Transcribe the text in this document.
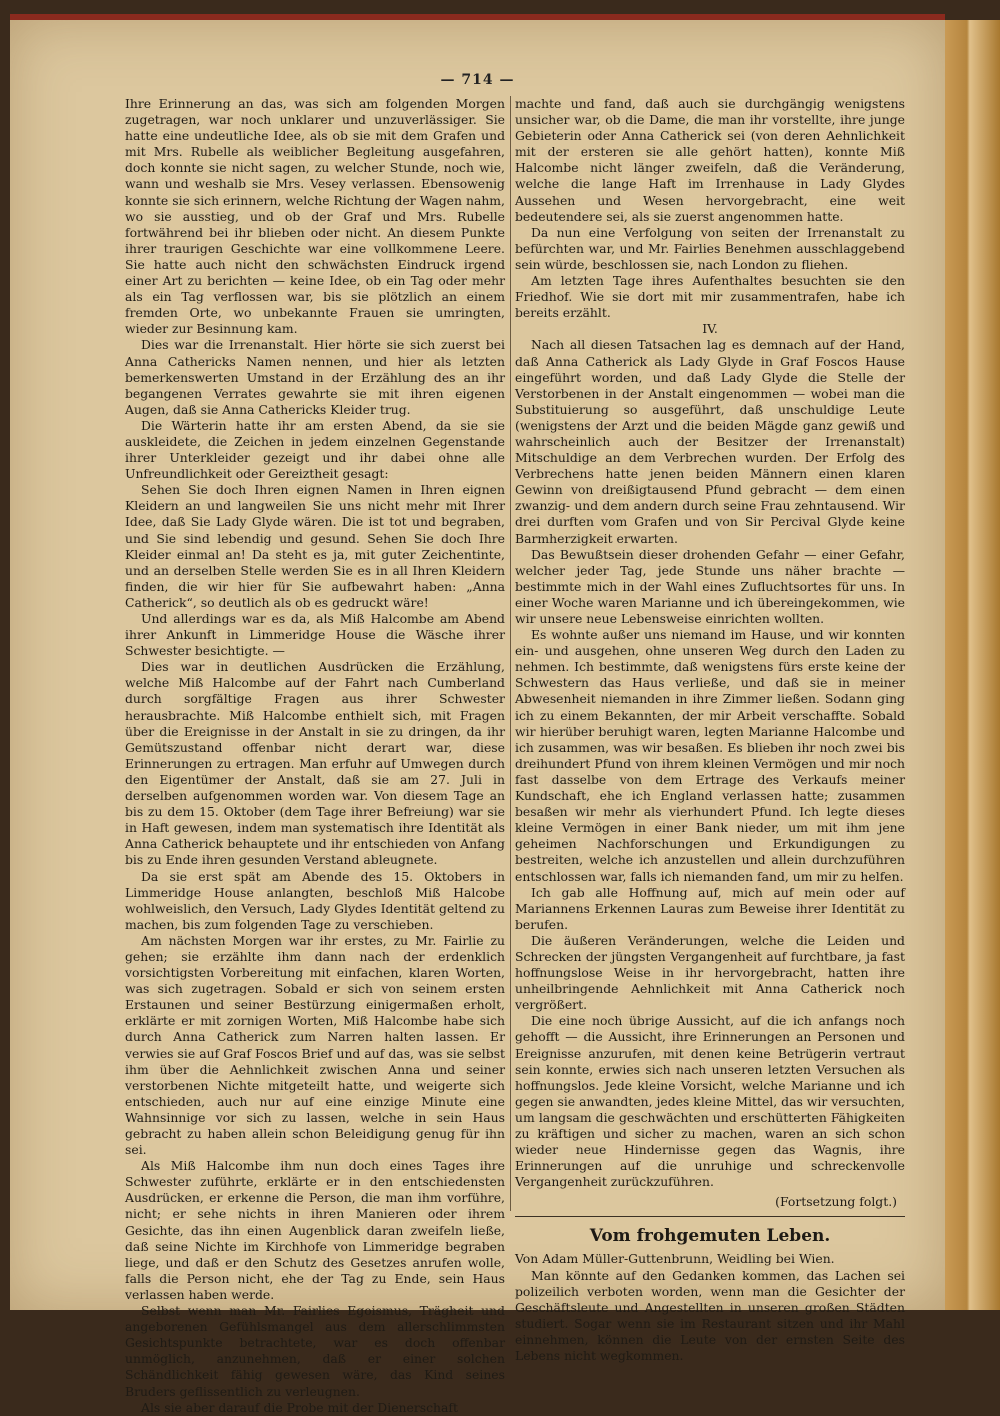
— 714 —

Ihre Erinnerung an das, was sich am folgenden Morgen zugetragen, war noch unklarer und unzuverlässiger. Sie hatte eine undeutliche Idee, als ob sie mit dem Grafen und mit Mrs. Rubelle als weiblicher Begleitung ausgefahren, doch konnte sie nicht sagen, zu welcher Stunde, noch wie, wann und weshalb sie Mrs. Vesey verlassen. Ebensowenig konnte sie sich erinnern, welche Richtung der Wagen nahm, wo sie ausstieg, und ob der Graf und Mrs. Rubelle fortwährend bei ihr blieben oder nicht. An diesem Punkte ihrer traurigen Geschichte war eine vollkommene Leere. Sie hatte auch nicht den schwächsten Eindruck irgend einer Art zu berichten — keine Idee, ob ein Tag oder mehr als ein Tag verflossen war, bis sie plötzlich an einem fremden Orte, wo unbekannte Frauen sie umringten, wieder zur Besinnung kam.

Dies war die Irrenanstalt. Hier hörte sie sich zuerst bei Anna Cathericks Namen nennen, und hier als letzten bemerkenswerten Umstand in der Erzählung des an ihr begangenen Verrates gewahrte sie mit ihren eigenen Augen, daß sie Anna Cathericks Kleider trug.

Die Wärterin hatte ihr am ersten Abend, da sie sie auskleidete, die Zeichen in jedem einzelnen Gegenstande ihrer Unterkleider gezeigt und ihr dabei ohne alle Unfreundlichkeit oder Gereiztheit gesagt:

Sehen Sie doch Ihren eignen Namen in Ihren eignen Kleidern an und langweilen Sie uns nicht mehr mit Ihrer Idee, daß Sie Lady Glyde wären. Die ist tot und begraben, und Sie sind lebendig und gesund. Sehen Sie doch Ihre Kleider einmal an! Da steht es ja, mit guter Zeichentinte, und an derselben Stelle werden Sie es in all Ihren Kleidern finden, die wir hier für Sie aufbewahrt haben: „Anna Catherick“, so deutlich als ob es gedruckt wäre!

Und allerdings war es da, als Miß Halcombe am Abend ihrer Ankunft in Limmeridge House die Wäsche ihrer Schwester besichtigte. —

Dies war in deutlichen Ausdrücken die Erzählung, welche Miß Halcombe auf der Fahrt nach Cumberland durch sorgfältige Fragen aus ihrer Schwester herausbrachte. Miß Halcombe enthielt sich, mit Fragen über die Ereignisse in der Anstalt in sie zu dringen, da ihr Gemütszustand offenbar nicht derart war, diese Erinnerungen zu ertragen. Man erfuhr auf Umwegen durch den Eigentümer der Anstalt, daß sie am 27. Juli in derselben aufgenommen worden war. Von diesem Tage an bis zu dem 15. Oktober (dem Tage ihrer Befreiung) war sie in Haft gewesen, indem man systematisch ihre Identität als Anna Catherick behauptete und ihr entschieden von Anfang bis zu Ende ihren gesunden Verstand ableugnete.

Da sie erst spät am Abende des 15. Oktobers in Limmeridge House anlangten, beschloß Miß Halcobe wohlweislich, den Versuch, Lady Glydes Identität geltend zu machen, bis zum folgenden Tage zu verschieben.

Am nächsten Morgen war ihr erstes, zu Mr. Fairlie zu gehen; sie erzählte ihm dann nach der erdenklich vorsichtigsten Vorbereitung mit einfachen, klaren Worten, was sich zugetragen. Sobald er sich von seinem ersten Erstaunen und seiner Bestürzung einigermaßen erholt, erklärte er mit zornigen Worten, Miß Halcombe habe sich durch Anna Catherick zum Narren halten lassen. Er verwies sie auf Graf Foscos Brief und auf das, was sie selbst ihm über die Aehnlichkeit zwischen Anna und seiner verstorbenen Nichte mitgeteilt hatte, und weigerte sich entschieden, auch nur auf eine einzige Minute eine Wahnsinnige vor sich zu lassen, welche in sein Haus gebracht zu haben allein schon Beleidigung genug für ihn sei.

Als Miß Halcombe ihm nun doch eines Tages ihre Schwester zuführte, erklärte er in den entschiedensten Ausdrücken, er erkenne die Person, die man ihm vorführe, nicht; er sehe nichts in ihren Manieren oder ihrem Gesichte, das ihn einen Augenblick daran zweifeln ließe, daß seine Nichte im Kirchhofe von Limmeridge begraben liege, und daß er den Schutz des Gesetzes anrufen wolle, falls die Person nicht, ehe der Tag zu Ende, sein Haus verlassen haben werde.

Selbst wenn man Mr. Fairlies Egoismus, Trägheit und angeborenen Gefühlsmangel aus dem allerschlimmsten Gesichtspunkte betrachtete, war es doch offenbar unmöglich, anzunehmen, daß er einer solchen Schändlichkeit fähig gewesen wäre, das Kind seines Bruders geflissentlich zu verleugnen.

Als sie aber darauf die Probe mit der Dienerschaft

machte und fand, daß auch sie durchgängig wenigstens unsicher war, ob die Dame, die man ihr vorstellte, ihre junge Gebieterin oder Anna Catherick sei (von deren Aehnlichkeit mit der ersteren sie alle gehört hatten), konnte Miß Halcombe nicht länger zweifeln, daß die Veränderung, welche die lange Haft im Irrenhause in Lady Glydes Aussehen und Wesen hervorgebracht, eine weit bedeutendere sei, als sie zuerst angenommen hatte.

Da nun eine Verfolgung von seiten der Irrenanstalt zu befürchten war, und Mr. Fairlies Benehmen ausschlaggebend sein würde, beschlossen sie, nach London zu fliehen.

Am letzten Tage ihres Aufenthaltes besuchten sie den Friedhof. Wie sie dort mit mir zusammentrafen, habe ich bereits erzählt.

IV.

Nach all diesen Tatsachen lag es demnach auf der Hand, daß Anna Catherick als Lady Glyde in Graf Foscos Hause eingeführt worden, und daß Lady Glyde die Stelle der Verstorbenen in der Anstalt eingenommen — wobei man die Substituierung so ausgeführt, daß unschuldige Leute (wenigstens der Arzt und die beiden Mägde ganz gewiß und wahrscheinlich auch der Besitzer der Irrenanstalt) Mitschuldige an dem Verbrechen wurden. Der Erfolg des Verbrechens hatte jenen beiden Männern einen klaren Gewinn von dreißigtausend Pfund gebracht — dem einen zwanzig- und dem andern durch seine Frau zehntausend. Wir drei durften vom Grafen und von Sir Percival Glyde keine Barmherzigkeit erwarten.

Das Bewußtsein dieser drohenden Gefahr — einer Gefahr, welcher jeder Tag, jede Stunde uns näher brachte — bestimmte mich in der Wahl eines Zufluchtsortes für uns. In einer Woche waren Marianne und ich übereingekommen, wie wir unsere neue Lebensweise einrichten wollten.

Es wohnte außer uns niemand im Hause, und wir konnten ein- und ausgehen, ohne unseren Weg durch den Laden zu nehmen. Ich bestimmte, daß wenigstens fürs erste keine der Schwestern das Haus verließe, und daß sie in meiner Abwesenheit niemanden in ihre Zimmer ließen. Sodann ging ich zu einem Bekannten, der mir Arbeit verschaffte. Sobald wir hierüber beruhigt waren, legten Marianne Halcombe und ich zusammen, was wir besaßen. Es blieben ihr noch zwei bis dreihundert Pfund von ihrem kleinen Vermögen und mir noch fast dasselbe von dem Ertrage des Verkaufs meiner Kundschaft, ehe ich England verlassen hatte; zusammen besaßen wir mehr als vierhundert Pfund. Ich legte dieses kleine Vermögen in einer Bank nieder, um mit ihm jene geheimen Nachforschungen und Erkundigungen zu bestreiten, welche ich anzustellen und allein durchzuführen entschlossen war, falls ich niemanden fand, um mir zu helfen.

Ich gab alle Hoffnung auf, mich auf mein oder auf Mariannens Erkennen Lauras zum Beweise ihrer Identität zu berufen.

Die äußeren Veränderungen, welche die Leiden und Schrecken der jüngsten Vergangenheit auf furchtbare, ja fast hoffnungslose Weise in ihr hervorgebracht, hatten ihre unheilbringende Aehnlichkeit mit Anna Catherick noch vergrößert.

Die eine noch übrige Aussicht, auf die ich anfangs noch gehofft — die Aussicht, ihre Erinnerungen an Personen und Ereignisse anzurufen, mit denen keine Betrügerin vertraut sein konnte, erwies sich nach unseren letzten Versuchen als hoffnungslos. Jede kleine Vorsicht, welche Marianne und ich gegen sie anwandten, jedes kleine Mittel, das wir versuchten, um langsam die geschwächten und erschütterten Fähigkeiten zu kräftigen und sicher zu machen, waren an sich schon wieder neue Hindernisse gegen das Wagnis, ihre Erinnerungen auf die unruhige und schreckenvolle Vergangenheit zurückzuführen.

(Fortsetzung folgt.)

Vom frohgemuten Leben.

Von Adam Müller-Guttenbrunn, Weidling bei Wien.

Man könnte auf den Gedanken kommen, das Lachen sei polizeilich verboten worden, wenn man die Gesichter der Geschäftsleute und Angestellten in unseren großen Städten studiert. Sogar wenn sie im Restaurant sitzen und ihr Mahl einnehmen, können die Leute von der ernsten Seite des Lebens nicht wegkommen.
